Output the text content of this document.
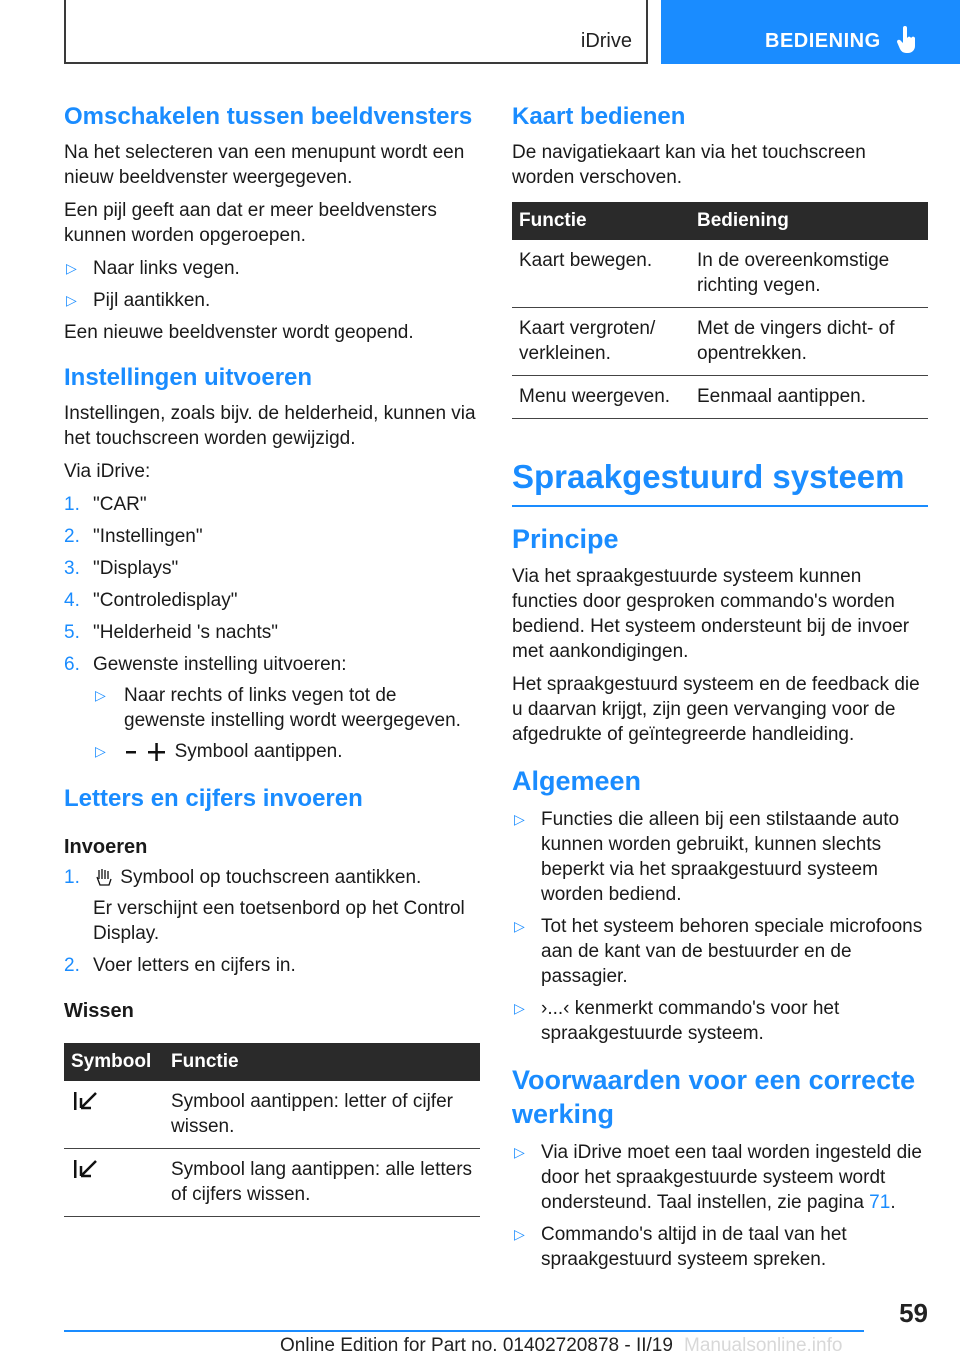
iDrive	BEDIENING
Omschakelen tussen beeldvensters

Na het selecteren van een menupunt wordt een nieuw beeldvenster weergegeven.

Een pijl geeft aan dat er meer beeldvensters kunnen worden opgeroepen.

▷ Naar links vegen.
▷ Pijl aantikken.

Een nieuwe beeldvenster wordt geopend.

Instellingen uitvoeren

Instellingen, zoals bijv. de helderheid, kunnen via het touchscreen worden gewijzigd.

Via iDrive:

1. "CAR"
2. "Instellingen"
3. "Displays"
4. "Controledisplay"
5. "Helderheid 's nachts"
6. Gewenste instelling uitvoeren:
▷ Naar rechts of links vegen tot de gewenste instelling wordt weergegeven.
▷	Symbool aantippen.
Letters en cijfers invoeren
Invoeren
1. Symbool op touchscreen aantikken.
Er verschijnt een toetsenbord op het Control Display.
2. Voer letters en cijfers in.
Wissen
Symbool	Functie
	Symbool aantippen: letter of cijfer wissen.
	Symbool lang aantippen: alle letters of cijfers wissen.
Kaart bedienen

De navigatiekaart kan via het touchscreen worden verschoven.

Functie	Bediening
Kaart bewegen.	In de overeenkomstige richting vegen.
Kaart vergroten/ verkleinen.	Met de vingers dicht- of opentrekken.
Menu weergeven.	Eenmaal aantippen.
Spraakgestuurd systeem
Principe

Via het spraakgestuurde systeem kunnen functies door gesproken commando's worden bediend. Het systeem ondersteunt bij de invoer met aankondigingen.

Het spraakgestuurd systeem en de feedback die u daarvan krijgt, zijn geen vervanging voor de afgedrukte of geïntegreerde handleiding.

Algemeen
▷ Functies die alleen bij een stilstaande auto kunnen worden gebruikt, kunnen slechts beperkt via het spraakgestuurd systeem worden bediend.
▷ Tot het systeem behoren speciale microfoons aan de kant van de bestuurder en de passagier.
▷ ›...‹ kenmerkt commando's voor het spraakgestuurde systeem.
Voorwaarden voor een correcte werking
▷ Via iDrive moet een taal worden ingesteld die door het spraakgestuurde systeem wordt ondersteund. Taal instellen, zie pagina 71.
▷ Commando's altijd in de taal van het spraakgestuurd systeem spreken.
59
Online Edition for Part no. 01402720878 - II/19 Manualsonline.info
